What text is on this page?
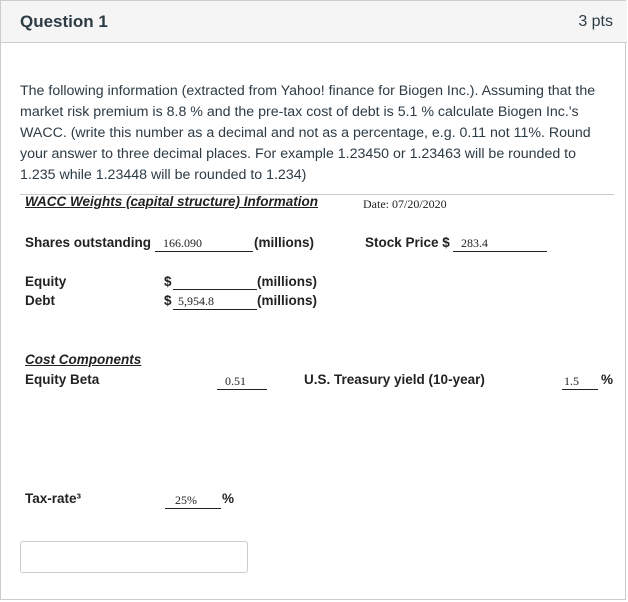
Question 1	3 pts
The following information (extracted from Yahoo! finance for Biogen Inc.). Assuming that the market risk premium is 8.8 % and the pre-tax cost of debt is 5.1 % calculate Biogen Inc.'s WACC. (write this number as a decimal and not as a percentage, e.g. 0.11 not 11%. Round your answer to three decimal places. For example 1.23450 or 1.23463 will be rounded to 1.235 while 1.23448 will be rounded to 1.234)
WACC Weights (capital structure) Information	Date: 07/20/2020
Shares outstanding 166.090	(millions)	Stock Price $ 283.4
Equity	$	(millions)
Debt	$ 5,954.8	(millions)
Cost Components
Equity Beta	0.51	U.S. Treasury yield (10-year)	1.5	%
Tax-rate³	25%	%
